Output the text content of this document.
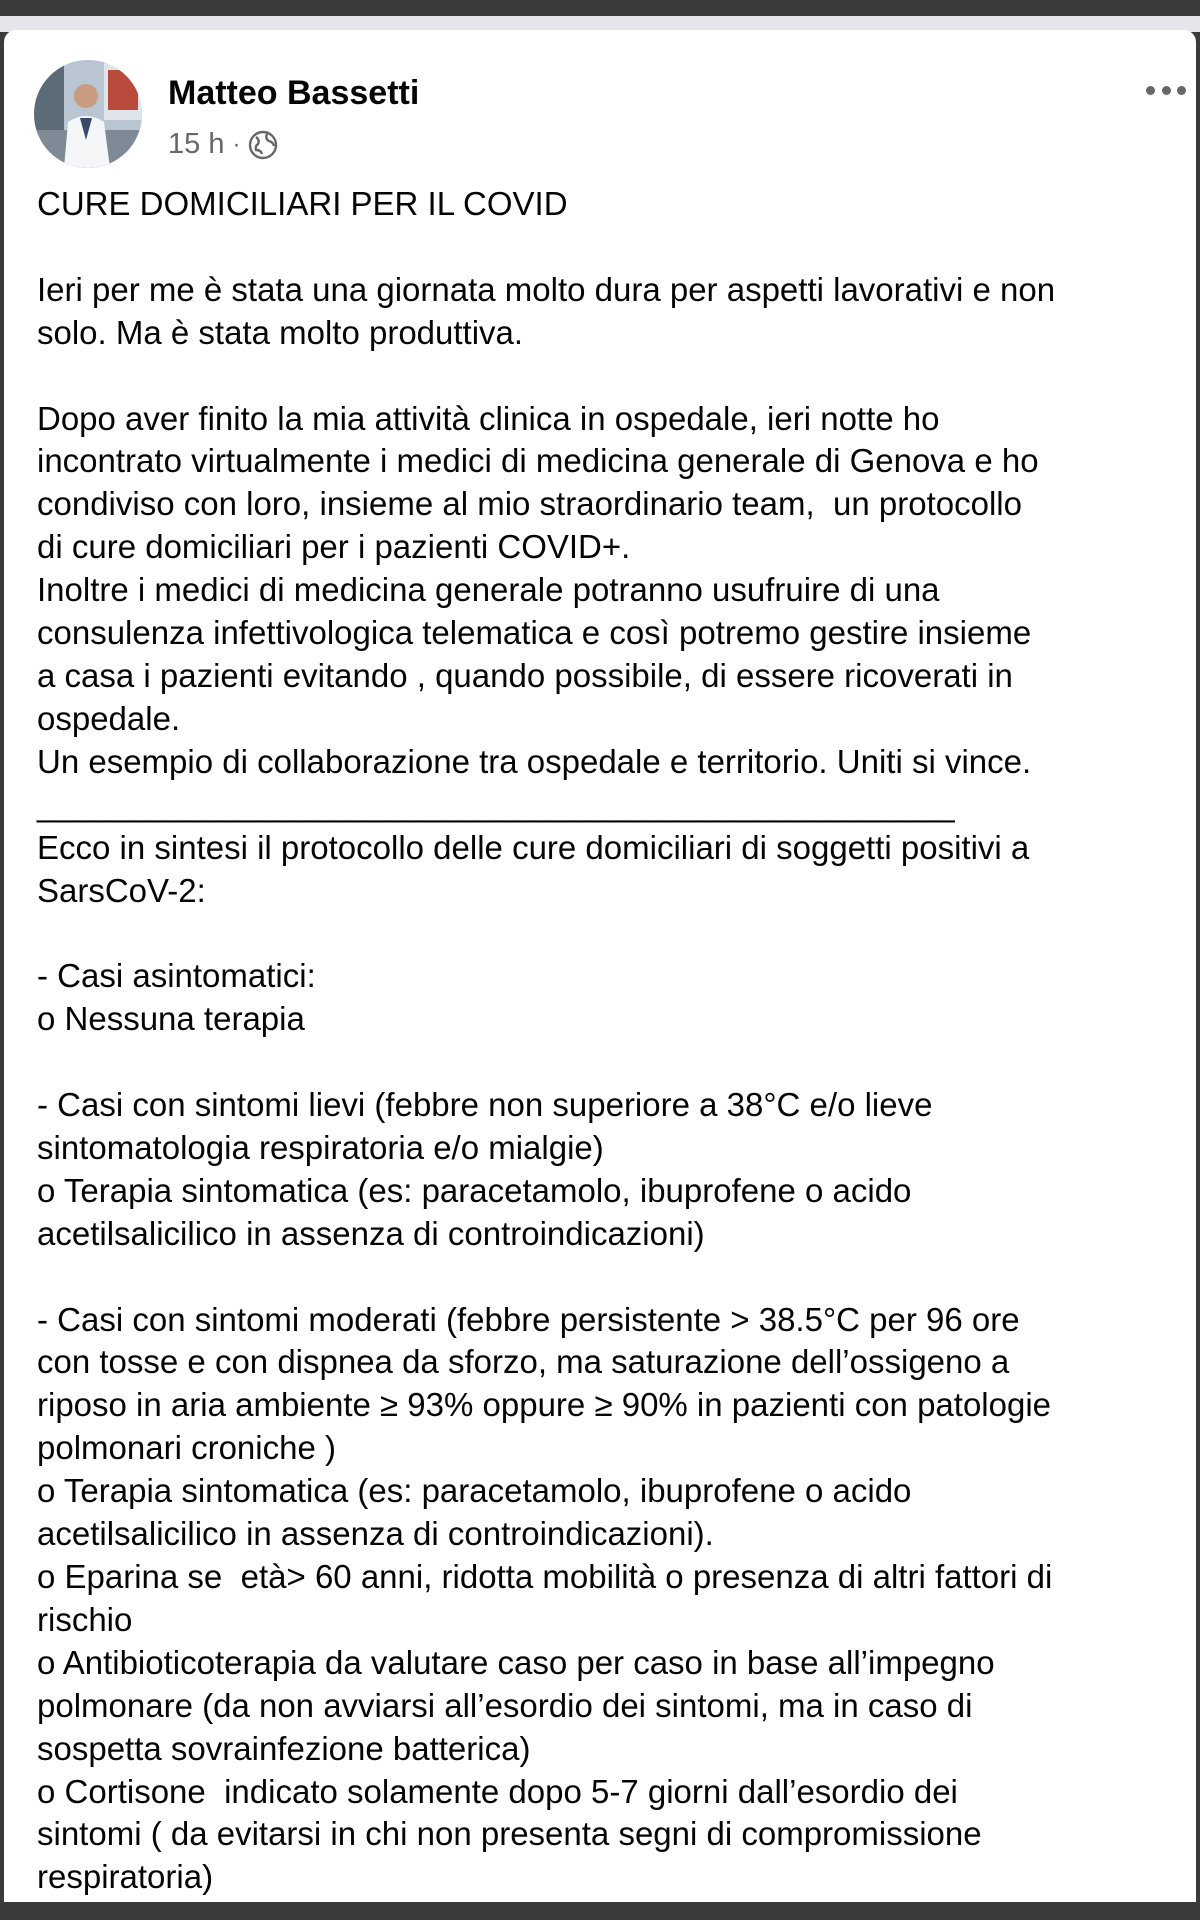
Matteo Bassetti
15 h ·

CURE DOMICILIARI PER IL COVID

Ieri per me è stata una giornata molto dura per aspetti lavorativi e non

solo. Ma è stata molto produttiva.

Dopo aver finito la mia attività clinica in ospedale, ieri notte ho

incontrato virtualmente i medici di medicina generale di Genova e ho

condiviso con loro, insieme al mio straordinario team,  un protocollo

di cure domiciliari per i pazienti COVID+.

Inoltre i medici di medicina generale potranno usufruire di una

consulenza infettivologica telematica e così potremo gestire insieme

a casa i pazienti evitando , quando possibile, di essere ricoverati in

ospedale.

Un esempio di collaborazione tra ospedale e territorio. Uniti si vince.

__________________________________________________

Ecco in sintesi il protocollo delle cure domiciliari di soggetti positivi a

SarsCoV-2:

- Casi asintomatici:

o Nessuna terapia

- Casi con sintomi lievi (febbre non superiore a 38°C e/o lieve

sintomatologia respiratoria e/o mialgie)

o Terapia sintomatica (es: paracetamolo, ibuprofene o acido

acetilsalicilico in assenza di controindicazioni)

- Casi con sintomi moderati (febbre persistente > 38.5°C per 96 ore

con tosse e con dispnea da sforzo, ma saturazione dell’ossigeno a

riposo in aria ambiente ≥ 93% oppure ≥ 90% in pazienti con patologie

polmonari croniche )

o Terapia sintomatica (es: paracetamolo, ibuprofene o acido

acetilsalicilico in assenza di controindicazioni).

o Eparina se  età> 60 anni, ridotta mobilità o presenza di altri fattori di

rischio

o Antibioticoterapia da valutare caso per caso in base all’impegno

polmonare (da non avviarsi all’esordio dei sintomi, ma in caso di

sospetta sovrainfezione batterica)

o Cortisone  indicato solamente dopo 5-7 giorni dall’esordio dei

sintomi ( da evitarsi in chi non presenta segni di compromissione

respiratoria)
